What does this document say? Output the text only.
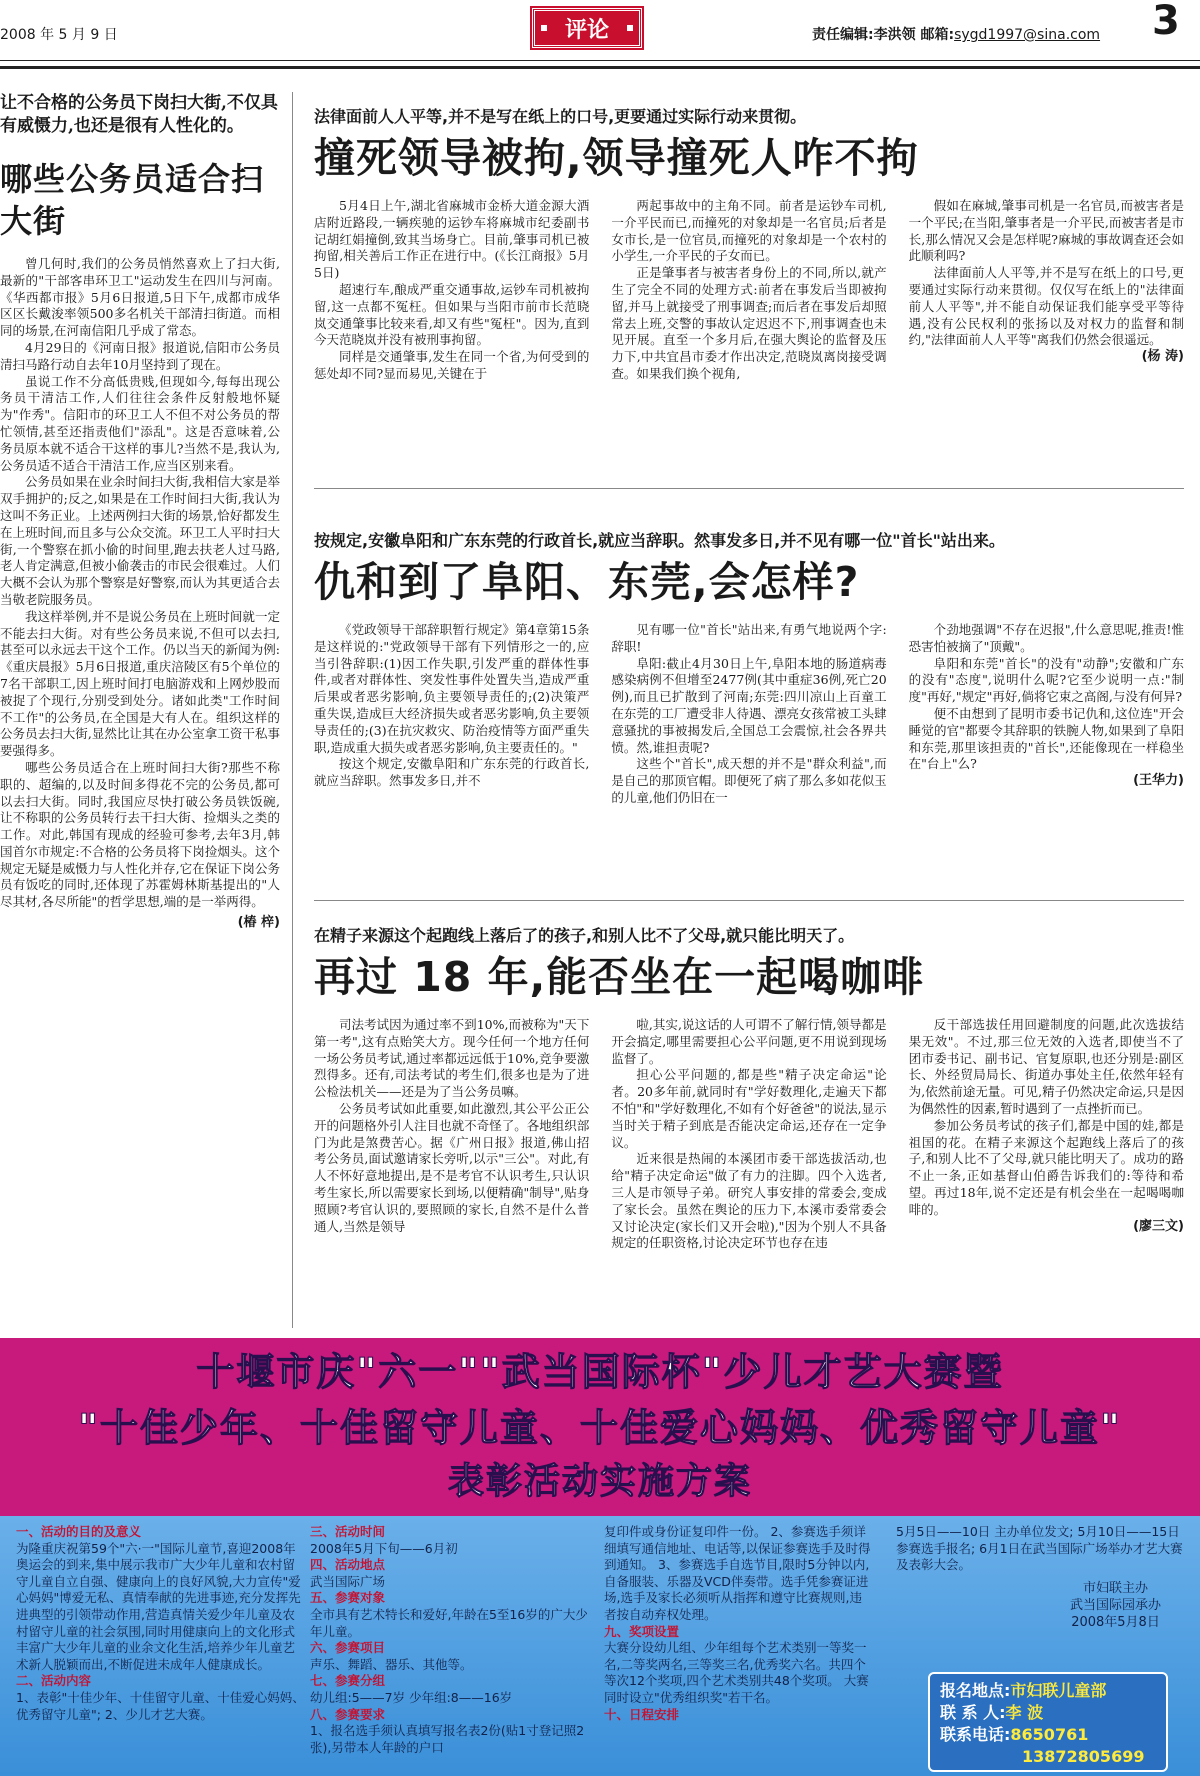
2008 年 5 月 9 日	评论	责任编辑:李洪领 邮箱:sygd1997@sina.com 3
让不合格的公务员下岗扫大街,不仅具有威慑力,也还是很有人性化的。
哪些公务员适合扫大街

曾几何时,我们的公务员悄然喜欢上了扫大街,最新的"干部客串环卫工"运动发生在四川与河南。《华西都市报》5月6日报道,5日下午,成都市成华区区长戴浚率领500多名机关干部清扫街道。而相同的场景,在河南信阳几乎成了常态。

4月29日的《河南日报》报道说,信阳市公务员清扫马路行动自去年10月坚持到了现在。

虽说工作不分高低贵贱,但现如今,每每出现公务员干清洁工作,人们往往会条件反射般地怀疑为"作秀"。信阳市的环卫工人不但不对公务员的帮忙领情,甚至还指责他们"添乱"。这是否意味着,公务员原本就不适合干这样的事儿?当然不是,我认为,公务员适不适合干清洁工作,应当区别来看。

公务员如果在业余时间扫大街,我相信大家是举双手拥护的;反之,如果是在工作时间扫大街,我认为这叫不务正业。上述两例扫大街的场景,恰好都发生在上班时间,而且多与公众交流。环卫工人平时扫大街,一个警察在抓小偷的时间里,跑去扶老人过马路,老人肯定满意,但被小偷袭击的市民会很难过。人们大概不会认为那个警察是好警察,而认为其更适合去当敬老院服务员。

我这样举例,并不是说公务员在上班时间就一定不能去扫大街。对有些公务员来说,不但可以去扫,甚至可以永远去干这个工作。仍以当天的新闻为例:《重庆晨报》5月6日报道,重庆涪陵区有5个单位的7名干部职工,因上班时间打电脑游戏和上网炒股而被捉了个现行,分别受到处分。诸如此类"工作时间不工作"的公务员,在全国是大有人在。组织这样的公务员去扫大街,显然比让其在办公室拿工资干私事要强得多。

哪些公务员适合在上班时间扫大街?那些不称职的、超编的,以及时间多得花不完的公务员,都可以去扫大街。同时,我国应尽快打破公务员铁饭碗,让不称职的公务员转行去干扫大街、捡烟头之类的工作。对此,韩国有现成的经验可参考,去年3月,韩国首尔市规定:不合格的公务员将下岗捡烟头。这个规定无疑是威慑力与人性化并存,它在保证下岗公务员有饭吃的同时,还体现了苏霍姆林斯基提出的"人尽其材,各尽所能"的哲学思想,端的是一举两得。

(椿 梓)
法律面前人人平等,并不是写在纸上的口号,更要通过实际行动来贯彻。
撞死领导被拘,领导撞死人咋不拘

5月4日上午,湖北省麻城市金桥大道金源大酒店附近路段,一辆疾驰的运钞车将麻城市纪委副书记胡红娟撞倒,致其当场身亡。目前,肇事司机已被拘留,相关善后工作正在进行中。(《长江商报》5月5日)

超速行车,酿成严重交通事故,运钞车司机被拘留,这一点都不冤枉。但如果与当阳市前市长范晓岚交通肇事比较来看,却又有些"冤枉"。因为,直到今天范晓岚并没有被刑事拘留。

同样是交通肇事,发生在同一个省,为何受到的惩处却不同?显而易见,关键在于

两起事故中的主角不同。前者是运钞车司机,一介平民而已,而撞死的对象却是一名官员;后者是女市长,是一位官员,而撞死的对象却是一个农村的小学生,一介平民的子女而已。

正是肇事者与被害者身份上的不同,所以,就产生了完全不同的处理方式:前者在事发后当即被拘留,并马上就接受了刑事调查;而后者在事发后却照常去上班,交警的事故认定迟迟不下,刑事调查也未见开展。直至一个多月后,在强大舆论的监督及压力下,中共宜昌市委才作出决定,范晓岚离岗接受调查。如果我们换个视角,

假如在麻城,肇事司机是一名官员,而被害者是一个平民;在当阳,肇事者是一介平民,而被害者是市长,那么情况又会是怎样呢?麻城的事故调查还会如此顺利吗?

法律面前人人平等,并不是写在纸上的口号,更要通过实际行动来贯彻。仅仅写在纸上的"法律面前人人平等",并不能自动保证我们能享受平等待遇,没有公民权利的张扬以及对权力的监督和制约,"法律面前人人平等"离我们仍然会很遥远。

(杨 涛)
按规定,安徽阜阳和广东东莞的行政首长,就应当辞职。然事发多日,并不见有哪一位"首长"站出来。
仇和到了阜阳、东莞,会怎样?

《党政领导干部辞职暂行规定》第4章第15条是这样说的:"党政领导干部有下列情形之一的,应当引咎辞职:(1)因工作失职,引发严重的群体性事件,或者对群体性、突发性事件处置失当,造成严重后果或者恶劣影响,负主要领导责任的;(2)决策严重失误,造成巨大经济损失或者恶劣影响,负主要领导责任的;(3)在抗灾救灾、防治疫情等方面严重失职,造成重大损失或者恶劣影响,负主要责任的。"

按这个规定,安徽阜阳和广东东莞的行政首长,就应当辞职。然事发多日,并不

见有哪一位"首长"站出来,有勇气地说两个字:辞职!

阜阳:截止4月30日上午,阜阳本地的肠道病毒感染病例不但增至2477例(其中重症36例,死亡20例),而且已扩散到了河南;东莞:四川凉山上百童工在东莞的工厂遭受非人待遇、漂亮女孩常被工头肆意骚扰的事被揭发后,全国总工会震惊,社会各界共愤。然,谁担责呢?

这些个"首长",成天想的并不是"群众利益",而是自己的那顶官帽。即便死了病了那么多如花似玉的儿童,他们仍旧在一

个劲地强调"不存在迟报",什么意思呢,推责!惟恐害怕被摘了"顶戴"。

阜阳和东莞"首长"的没有"动静";安徽和广东的没有"态度",说明什么呢?它至少说明一点:"制度"再好,"规定"再好,倘将它束之高阁,与没有何异?

便不由想到了昆明市委书记仇和,这位连"开会睡觉的官"都要令其辞职的铁腕人物,如果到了阜阳和东莞,那里该担责的"首长",还能像现在一样稳坐在"台上"么?

(王华力)
在精子来源这个起跑线上落后了的孩子,和别人比不了父母,就只能比明天了。
再过 18 年,能否坐在一起喝咖啡

司法考试因为通过率不到10%,而被称为"天下第一考",这有点贻笑大方。现今任何一个地方任何一场公务员考试,通过率都远远低于10%,竞争要激烈得多。还有,司法考试的考生们,很多也是为了进公检法机关——还是为了当公务员嘛。

公务员考试如此重要,如此激烈,其公平公正公开的问题格外引人注目也就不奇怪了。各地组织部门为此是煞费苦心。据《广州日报》报道,佛山招考公务员,面试邀请家长旁听,以示"三公"。对此,有人不怀好意地提出,是不是考官不认识考生,只认识考生家长,所以需要家长到场,以便精确"制导",贴身照顾?考官认识的,要照顾的家长,自然不是什么普通人,当然是领导

啦,其实,说这话的人可谓不了解行情,领导都是开会搞定,哪里需要担心公平问题,更不用说到现场监督了。

担心公平问题的,都是些"精子决定命运"论者。20多年前,就同时有"学好数理化,走遍天下都不怕"和"学好数理化,不如有个好爸爸"的说法,显示当时关于精子到底是否能决定命运,还存在一定争议。

近来很是热闹的本溪团市委干部选拔活动,也给"精子决定命运"做了有力的注脚。四个入选者,三人是市领导子弟。研究人事安排的常委会,变成了家长会。虽然在舆论的压力下,本溪市委常委会又讨论决定(家长们又开会啦),"因为个别人不具备规定的任职资格,讨论决定环节也存在违

反干部选拔任用回避制度的问题,此次选拔结果无效"。不过,那三位无效的入选者,即使当不了团市委书记、副书记、官复原职,也还分别是:副区长、外经贸局局长、街道办事处主任,依然年轻有为,依然前途无量。可见,精子仍然决定命运,只是因为偶然性的因素,暂时遇到了一点挫折而已。

参加公务员考试的孩子们,都是中国的娃,都是祖国的花。在精子来源这个起跑线上落后了的孩子,和别人比不了父母,就只能比明天了。成功的路不止一条,正如基督山伯爵告诉我们的:等待和希望。再过18年,说不定还是有机会坐在一起喝喝咖啡的。

(廖三文)
十堰市庆"六一""武当国际杯"少儿才艺大赛暨
"十佳少年、十佳留守儿童、十佳爱心妈妈、优秀留守儿童"
表彰活动实施方案
一、活动的目的及意义
为隆重庆祝第59个"六·一"国际儿童节,喜迎2008年奥运会的到来,集中展示我市广大少年儿童和农村留守儿童自立自强、健康向上的良好风貌,大力宣传"爱心妈妈"博爱无私、真情奉献的先进事迹,充分发挥先进典型的引领带动作用,营造真情关爱少年儿童及农村留守儿童的社会氛围,同时用健康向上的文化形式丰富广大少年儿童的业余文化生活,培养少年儿童艺术新人脱颖而出,不断促进未成年人健康成长。
二、活动内容
1、表彰"十佳少年、十佳留守儿童、十佳爱心妈妈、优秀留守儿童"; 2、少儿才艺大赛。
三、活动时间
2008年5月下旬——6月初
四、活动地点
武当国际广场
五、参赛对象
全市具有艺术特长和爱好,年龄在5至16岁的广大少年儿童。
六、参赛项目
声乐、舞蹈、器乐、其他等。
七、参赛分组
幼儿组:5——7岁 少年组:8——16岁
八、参赛要求
1、报名选手须认真填写报名表2份(贴1寸登记照2张),另带本人年龄的户口
复印件或身份证复印件一份。 2、参赛选手须详细填写通信地址、电话等,以保证参赛选手及时得到通知。 3、参赛选手自选节目,限时5分钟以内,自备服装、乐器及VCD伴奏带。选手凭参赛证进场,选手及家长必须听从指挥和遵守比赛规则,违者按自动弃权处理。
九、奖项设置
大赛分设幼儿组、少年组每个艺术类别一等奖一名,二等奖两名,三等奖三名,优秀奖六名。共四个等次12个奖项,四个艺术类别共48个奖项。 大赛同时设立"优秀组织奖"若干名。
十、日程安排
5月5日——10日 主办单位发文; 5月10日——15日参赛选手报名; 6月1日在武当国际广场举办才艺大赛及表彰大会。
市妇联主办
武当国际园承办
2008年5月8日
报名地点:市妇联儿童部
联 系 人:李 波
联系电话:8650761
13872805699
